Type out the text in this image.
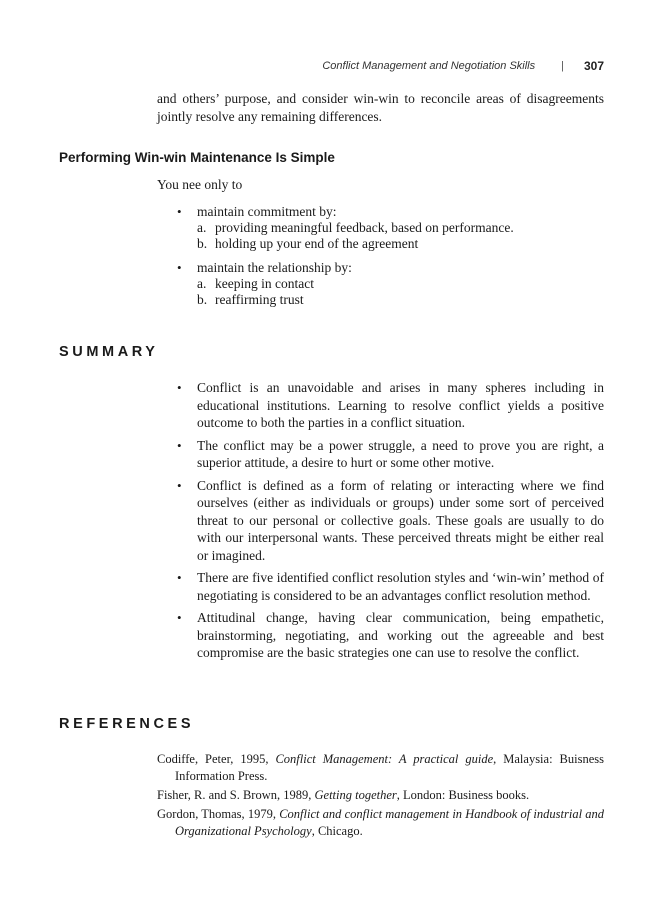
Conflict Management and Negotiation Skills | 307
and others’ purpose, and consider win-win to reconcile areas of disagreements jointly resolve any remaining differences.
Performing Win-win Maintenance Is Simple
You nee only to
• maintain commitment by:
a. providing meaningful feedback, based on performance.
b. holding up your end of the agreement
• maintain the relationship by:
a. keeping in contact
b. reaffirming trust
SUMMARY
• Conflict is an unavoidable and arises in many spheres including in educational institutions. Learning to resolve conflict yields a positive outcome to both the parties in a conflict situation.
• The conflict may be a power struggle, a need to prove you are right, a superior attitude, a desire to hurt or some other motive.
• Conflict is defined as a form of relating or interacting where we find ourselves (either as individuals or groups) under some sort of perceived threat to our personal or collective goals. These goals are usually to do with our interpersonal wants. These perceived threats might be either real or imagined.
• There are five identified conflict resolution styles and ‘win-win’ method of negotiating is considered to be an advantages conflict resolution method.
• Attitudinal change, having clear communication, being empathetic, brainstorming, negotiating, and working out the agreeable and best compromise are the basic strategies one can use to resolve the conflict.
REFERENCES

Codiffe, Peter, 1995, Conflict Management: A practical guide, Malaysia: Buisness Information Press.

Fisher, R. and S. Brown, 1989, Getting together, London: Business books.

Gordon, Thomas, 1979, Conflict and conflict management in Handbook of industrial and Organizational Psychology, Chicago.
